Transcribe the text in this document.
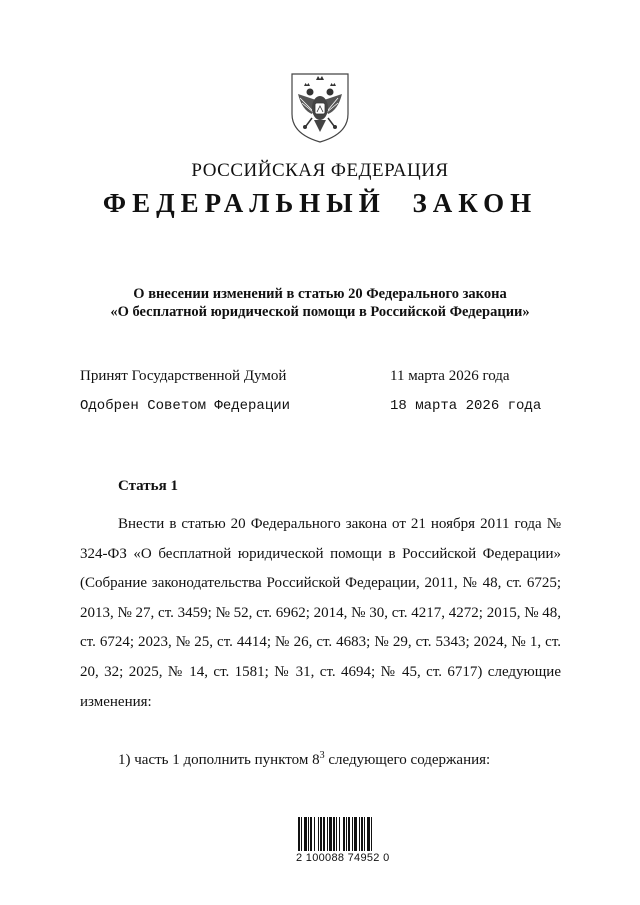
РОССИЙСКАЯ ФЕДЕРАЦИЯ
ФЕДЕРАЛЬНЫЙ ЗАКОН
О внесении изменений в статью 20 Федерального закона
«О бесплатной юридической помощи в Российской Федерации»
Принят Государственной Думой	11 марта 2026 года
Одобрен Советом Федерации	18 марта 2026 года
Статья 1
Внести в статью 20 Федерального закона от 21 ноября 2011 года № 324-ФЗ «О бесплатной юридической помощи в Российской Федерации» (Собрание законодательства Российской Федерации, 2011, № 48, ст. 6725; 2013, № 27, ст. 3459; № 52, ст. 6962; 2014, № 30, ст. 4217, 4272; 2015, № 48, ст. 6724; 2023, № 25, ст. 4414; № 26, ст. 4683; № 29, ст. 5343; 2024, № 1, ст. 20, 32; 2025, № 14, ст. 1581; № 31, ст. 4694; № 45, ст. 6717) следующие изменения:
1) часть 1 дополнить пунктом $8^3$ следующего содержания:
2 100088 74952 0
